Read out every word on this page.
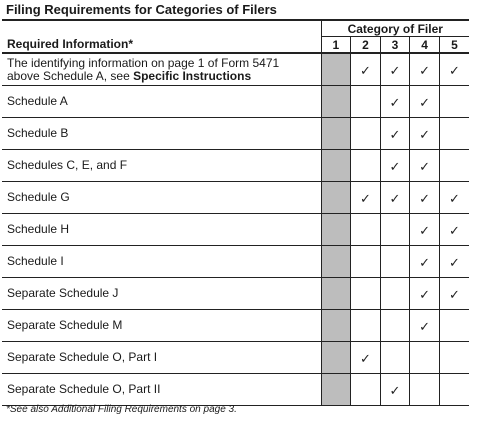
Filing Requirements for Categories of Filers
	Category of Filer				
Required Information*	1	2	3	4	5
The identifying information on page 1 of Form 5471
above Schedule A, see Specific Instructions		✓	✓	✓	✓
Schedule A			✓	✓	
Schedule B			✓	✓	
Schedules C, E, and F			✓	✓	
Schedule G		✓	✓	✓	✓
Schedule H				✓	✓
Schedule I				✓	✓
Separate Schedule J				✓	✓
Separate Schedule M				✓	
Separate Schedule O, Part I		✓			
Separate Schedule O, Part II			✓		
*See also Additional Filing Requirements on page 3.
